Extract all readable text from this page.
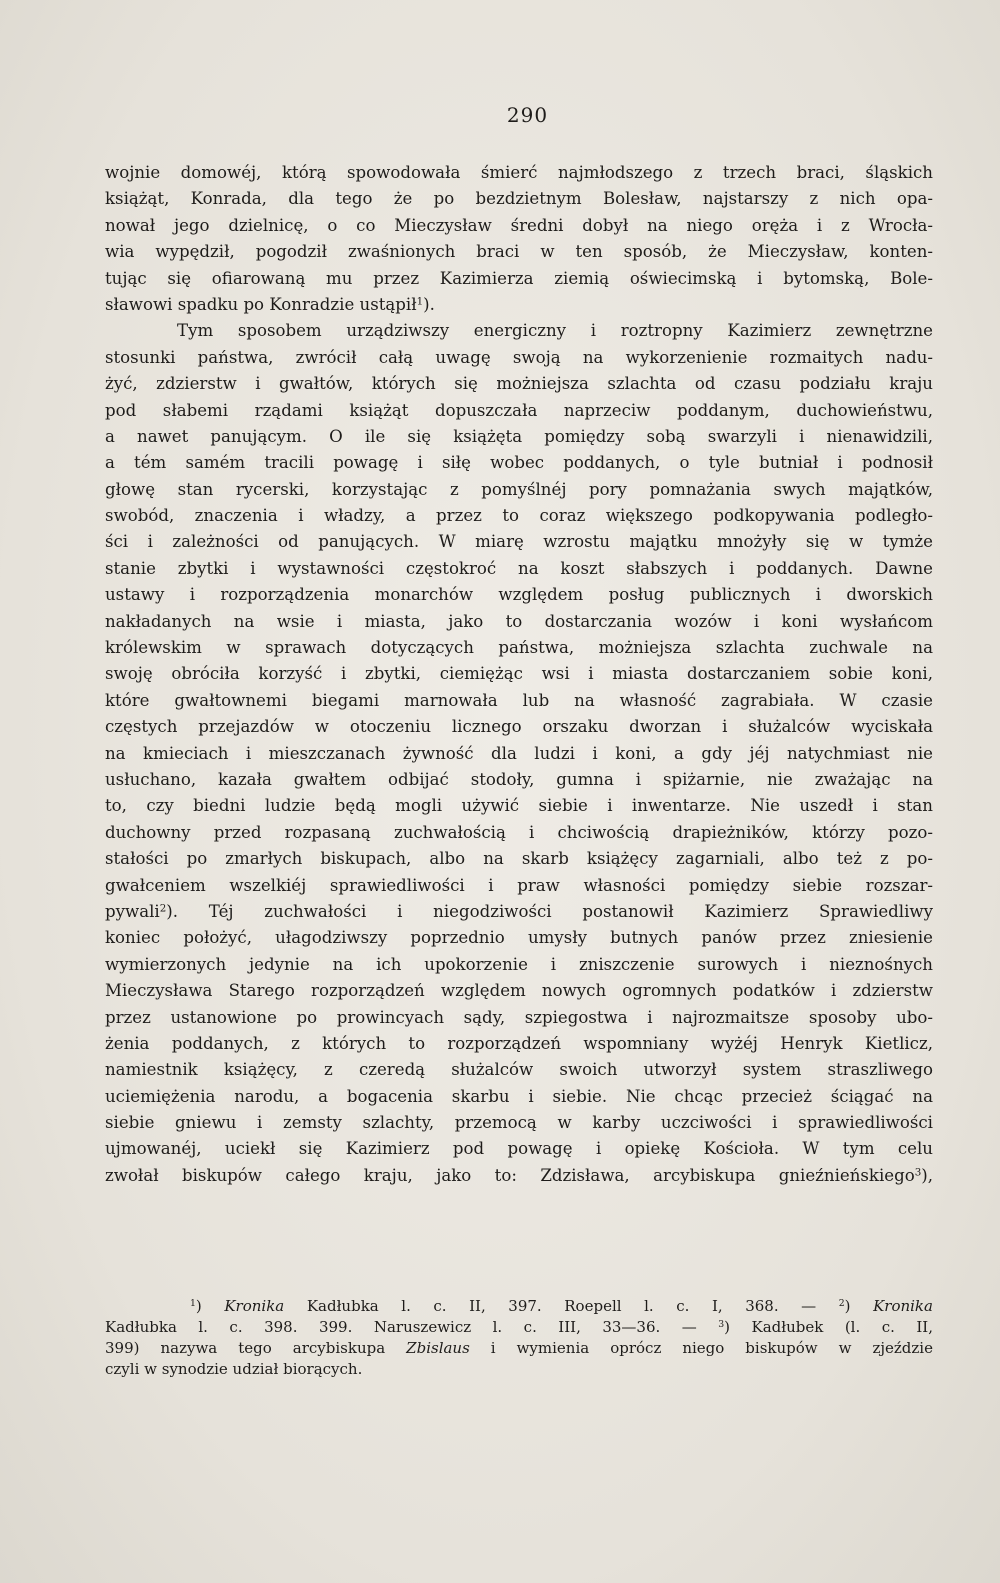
290
wojnie domowéj, którą spowodowała śmierć najmłodszego z trzech braci, śląskich
książąt, Konrada, dla tego że po bezdzietnym Bolesław, najstarszy z nich opa-
nował jego dzielnicę, o co Mieczysław średni dobył na niego oręża i z Wrocła-
wia wypędził, pogodził zwaśnionych braci w ten sposób, że Mieczysław, konten-
tując się ofiarowaną mu przez Kazimierza ziemią oświecimską i bytomską, Bole-
sławowi spadku po Konradzie ustąpił$^1$).
Tym sposobem urządziwszy energiczny i roztropny Kazimierz zewnętrzne
stosunki państwa, zwrócił całą uwagę swoją na wykorzenienie rozmaitych nadu-
żyć, zdzierstw i gwałtów, których się możniejsza szlachta od czasu podziału kraju
pod słabemi rządami książąt dopuszczała naprzeciw poddanym, duchowieństwu,
a nawet panującym. O ile się książęta pomiędzy sobą swarzyli i nienawidzili,
a tém samém tracili powagę i siłę wobec poddanych, o tyle butniał i podnosił
głowę stan rycerski, korzystając z pomyślnéj pory pomnażania swych majątków,
swobód, znaczenia i władzy, a przez to coraz większego podkopywania podległo-
ści i zależności od panujących. W miarę wzrostu majątku mnożyły się w tymże
stanie zbytki i wystawności częstokroć na koszt słabszych i poddanych. Dawne
ustawy i rozporządzenia monarchów względem posług publicznych i dworskich
nakładanych na wsie i miasta, jako to dostarczania wozów i koni wysłańcom
królewskim w sprawach dotyczących państwa, możniejsza szlachta zuchwale na
swoję obróciła korzyść i zbytki, ciemiężąc wsi i miasta dostarczaniem sobie koni,
które gwałtownemi biegami marnowała lub na własność zagrabiała. W czasie
częstych przejazdów w otoczeniu licznego orszaku dworzan i służalców wyciskała
na kmieciach i mieszczanach żywność dla ludzi i koni, a gdy jéj natychmiast nie
usłuchano, kazała gwałtem odbijać stodoły, gumna i spiżarnie, nie zważając na
to, czy biedni ludzie będą mogli używić siebie i inwentarze. Nie uszedł i stan
duchowny przed rozpasaną zuchwałością i chciwością drapieżników, którzy pozo-
stałości po zmarłych biskupach, albo na skarb książęcy zagarniali, albo też z po-
gwałceniem wszelkiéj sprawiedliwości i praw własności pomiędzy siebie rozszar-
pywali$^2$). Téj zuchwałości i niegodziwości postanowił Kazimierz Sprawiedliwy
koniec położyć, ułagodziwszy poprzednio umysły butnych panów przez zniesienie
wymierzonych jedynie na ich upokorzenie i zniszczenie surowych i nieznośnych
Mieczysława Starego rozporządzeń względem nowych ogromnych podatków i zdzierstw
przez ustanowione po prowincyach sądy, szpiegostwa i najrozmaitsze sposoby ubo-
żenia poddanych, z których to rozporządzeń wspomniany wyżéj Henryk Kietlicz,
namiestnik książęcy, z czeredą służalców swoich utworzył system straszliwego
uciemiężenia narodu, a bogacenia skarbu i siebie. Nie chcąc przecież ściągać na
siebie gniewu i zemsty szlachty, przemocą w karby uczciwości i sprawiedliwości
ujmowanéj, uciekł się Kazimierz pod powagę i opiekę Kościoła. W tym celu
zwołał biskupów całego kraju, jako to: Zdzisława, arcybiskupa gnieźnieńskiego$^3$),
$^1$) Kronika Kadłubka l. c. II, 397. Roepell l. c. I, 368. — $^2$) Kronika
Kadłubka l. c. 398. 399. Naruszewicz l. c. III, 33—36. — $^3$) Kadłubek (l. c. II,
399) nazywa tego arcybiskupa Zbislaus i wymienia oprócz niego biskupów w zjeździe
czyli w synodzie udział biorących.
